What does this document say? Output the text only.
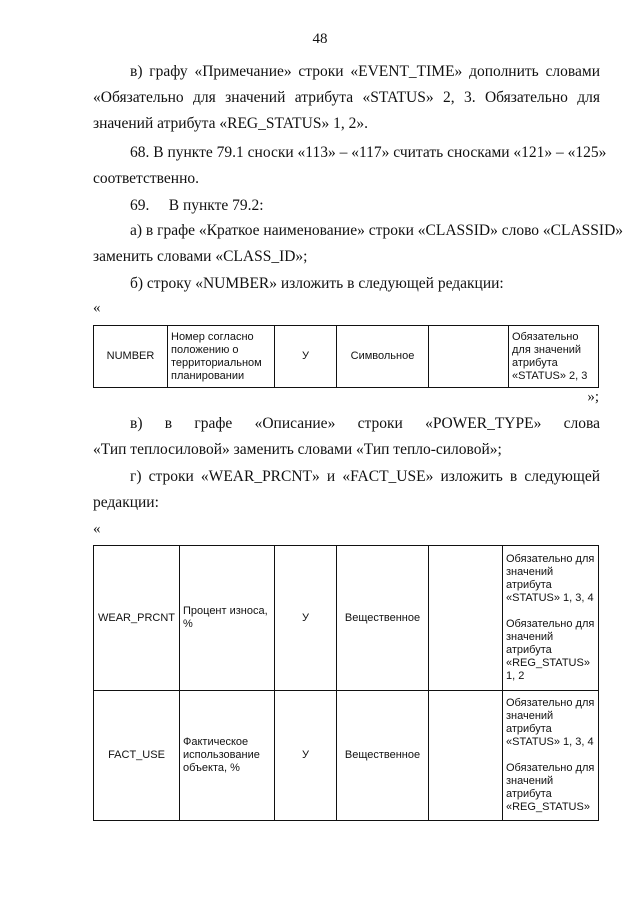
48
в) графу «Примечание» строки «EVENT_TIME» дополнить словами
«Обязательно для значений атрибута «STATUS» 2, 3. Обязательно для
значений атрибута «REG_STATUS» 1, 2».
68. В пункте 79.1 сноски «113» – «117» считать сносками «121» – «125»
соответственно.
69.     В пункте 79.2:
а) в графе «Краткое наименование» строки «CLASSID» слово «CLASSID»
заменить словами «CLASS_ID»;
б) строку «NUMBER» изложить в следующей редакции:
«
NUMBER	Номер согласно положению о территориальном планировании	У	Символьное		Обязательно для значений атрибута «STATUS» 2, 3
»;
в) в графе «Описание» строки «POWER_TYPE» слова
«Тип теплосиловой» заменить словами «Тип тепло-силовой»;
г) строки «WEAR_PRCNT» и «FACT_USE» изложить в следующей
редакции:
«
WEAR_PRCNT	Процент износа, %	У	Вещественное		Обязательно для значений атрибута «STATUS» 1, 3, 4
Обязательно для значений атрибута «REG_STATUS» 1, 2

FACT_USE	Фактическое использование объекта, %	У	Вещественное		Обязательно для значений атрибута «STATUS» 1, 3, 4
Обязательно для значений атрибута «REG_STATUS»
